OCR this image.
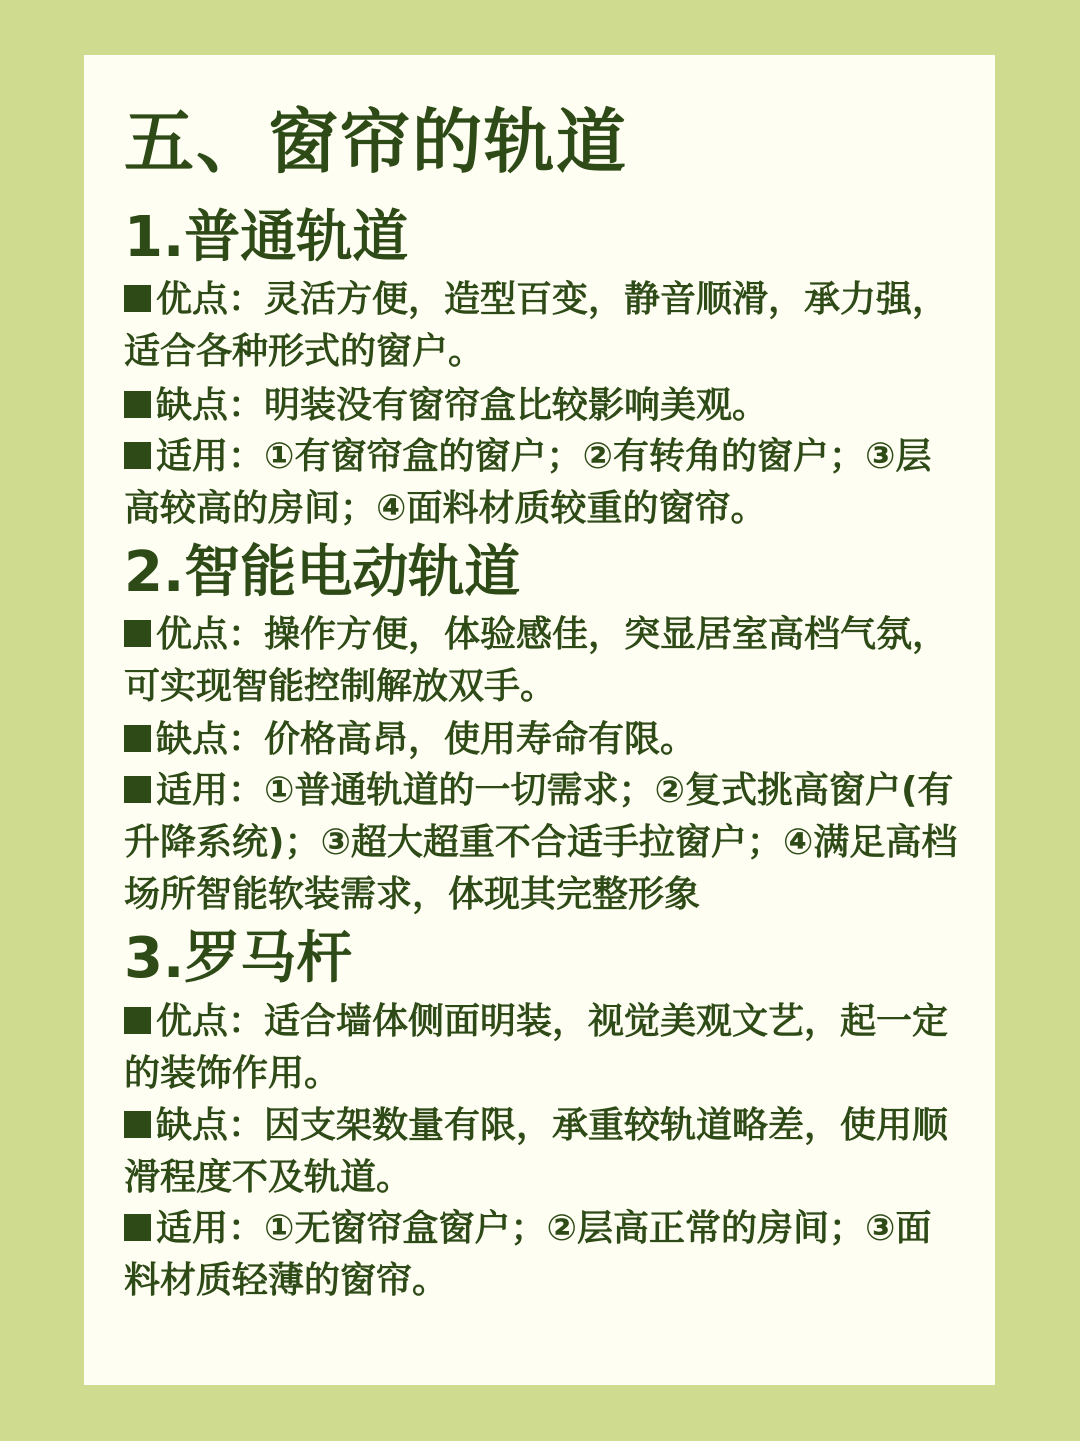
五、窗帘的轨道
1.普通轨道

优点：灵活方便，造型百变，静音顺滑，承力强，适合各种形式的窗户。

缺点：明装没有窗帘盒比较影响美观。

适用：①有窗帘盒的窗户；②有转角的窗户；③层高较高的房间；④面料材质较重的窗帘。

2.智能电动轨道

优点：操作方便，体验感佳，突显居室高档气氛，可实现智能控制解放双手。

缺点：价格高昂，使用寿命有限。

适用：①普通轨道的一切需求；②复式挑高窗户(有升降系统)；③超大超重不合适手拉窗户；④满足高档场所智能软装需求，体现其完整形象

3.罗马杆

优点：适合墙体侧面明装，视觉美观文艺，起一定的装饰作用。

缺点：因支架数量有限，承重较轨道略差，使用顺滑程度不及轨道。

适用：①无窗帘盒窗户；②层高正常的房间；③面料材质轻薄的窗帘。
